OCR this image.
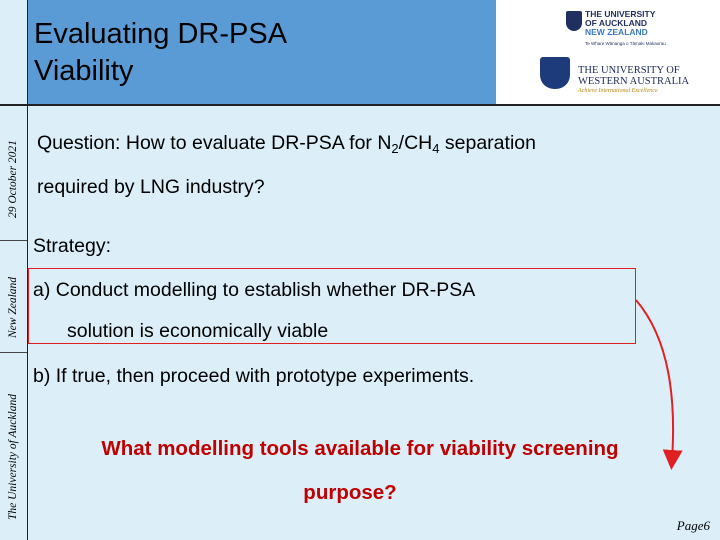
Evaluating DR-PSA
Viability
THE UNIVERSITY
OF AUCKLAND
NEW ZEALAND
Te Whare Wānanga o Tāmaki Makaurau
THE UNIVERSITY OF
WESTERN AUSTRALIA
Achieve International Excellence
29 October 2021
New Zealand
The University of Auckland
Question: How to evaluate DR-PSA for $N_2/CH_4$ separation
required by LNG industry?
Strategy:
a) Conduct modelling to establish whether DR-PSA
solution is economically viable
b) If true, then proceed with prototype experiments.
What modelling tools available for viability screening
purpose?
Page6
